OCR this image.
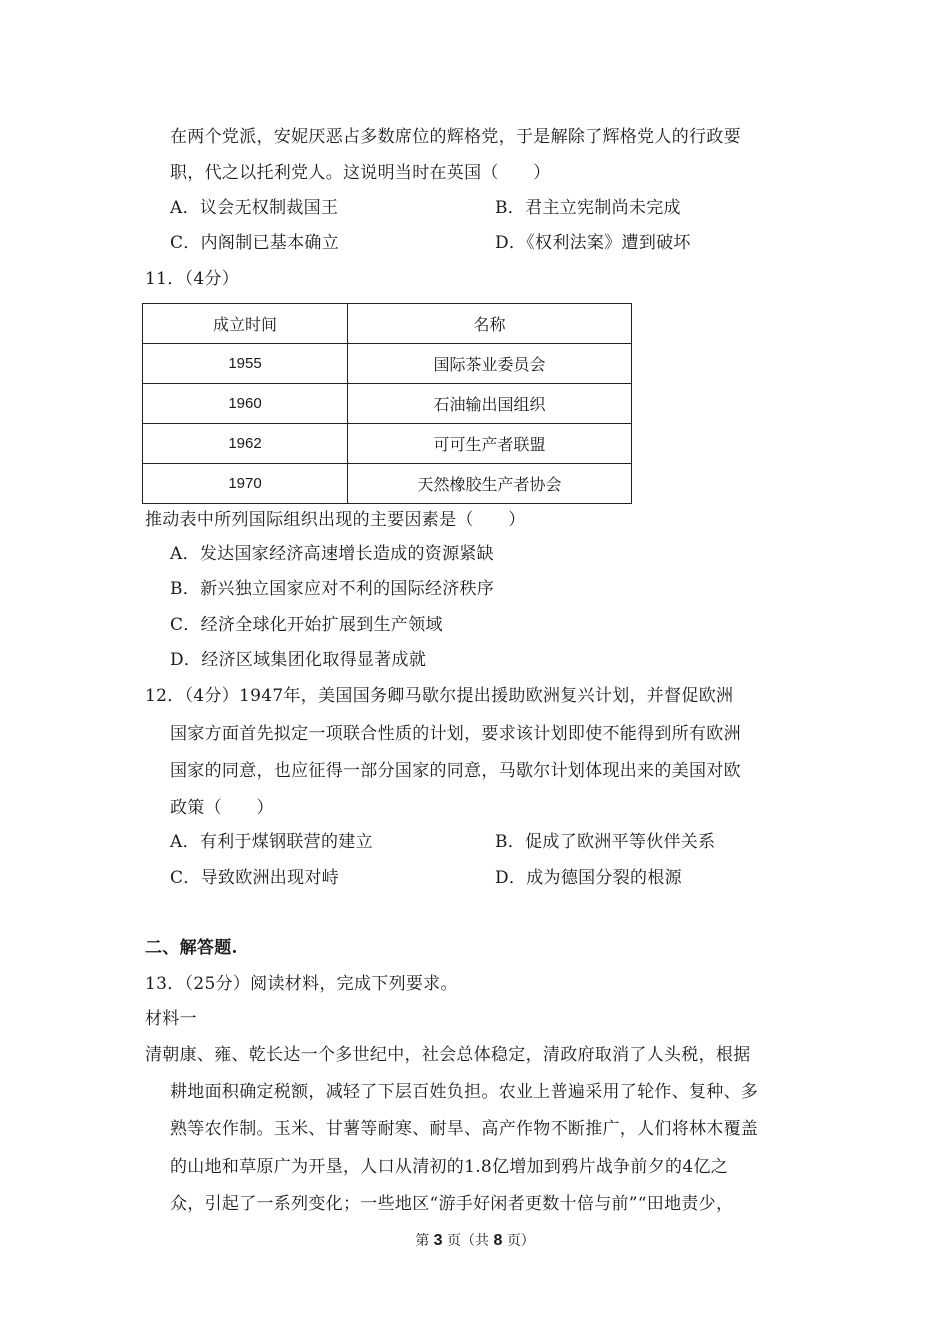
在两个党派，安妮厌恶占多数席位的辉格党，于是解除了辉格党人的行政要
职，代之以托利党人。这说明当时在英国（　　）
A．议会无权制裁国王	B．君主立宪制尚未完成
C．内阁制已基本确立	D．《权利法案》遭到破坏
11．（4分）
成立时间	名称
1955	国际茶业委员会
1960	石油输出国组织
1962	可可生产者联盟
1970	天然橡胶生产者协会
推动表中所列国际组织出现的主要因素是（　　）
A．发达国家经济高速增长造成的资源紧缺
B．新兴独立国家应对不利的国际经济秩序
C．经济全球化开始扩展到生产领域
D．经济区域集团化取得显著成就
12．（4分）1947年，美国国务卿马歇尔提出援助欧洲复兴计划，并督促欧洲
国家方面首先拟定一项联合性质的计划，要求该计划即使不能得到所有欧洲
国家的同意，也应征得一部分国家的同意，马歇尔计划体现出来的美国对欧
政策（　　）
A．有利于煤钢联营的建立	B．促成了欧洲平等伙伴关系
C．导致欧洲出现对峙	D．成为德国分裂的根源
二、解答题.
13．（25分）阅读材料，完成下列要求。
材料一
清朝康、雍、乾长达一个多世纪中，社会总体稳定，清政府取消了人头税，根据
耕地面积确定税额，减轻了下层百姓负担。农业上普遍采用了轮作、复种、多
熟等农作制。玉米、甘薯等耐寒、耐旱、高产作物不断推广，人们将林木覆盖
的山地和草原广为开垦，人口从清初的1.8亿增加到鸦片战争前夕的4亿之
众，引起了一系列变化；一些地区“游手好闲者更数十倍与前”“田地责少，
第 3 页（共 8 页）
